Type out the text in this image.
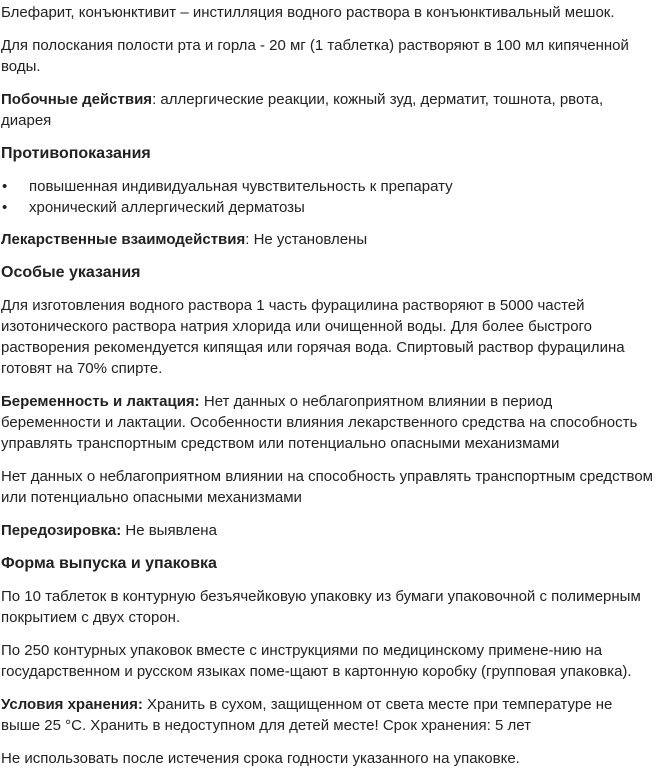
Блефарит, конъюнктивит – инстилляция водного раствора в конъюнктивальный мешок.

Для полоскания полости рта и горла - 20 мг (1 таблетка) растворяют в 100 мл кипяченной воды.

Побочные действия: аллергические реакции, кожный зуд, дерматит, тошнота, рвота, диарея

Противопоказания
• повышенная индивидуальная чувствительность к препарату
• хронический аллергический дерматозы

Лекарственные взаимодействия: Не установлены

Особые указания

Для изготовления водного раствора 1 часть фурацилина растворяют в 5000 частей изотонического раствора натрия хлорида или очищенной воды. Для более быстрого растворения рекомендуется кипящая или горячая вода. Спиртовый раствор фурацилина готовят на 70% спирте.

Беременность и лактация: Нет данных о неблагоприятном влиянии в период беременности и лактации. Особенности влияния лекарственного средства на способность управлять транспортным средством или потенциально опасными механизмами

Нет данных о неблагоприятном влиянии на способность управлять транспортным средством или потенциально опасными механизмами

Передозировка: Не выявлена

Форма выпуска и упаковка

По 10 таблеток в контурную безъячейковую упаковку из бумаги упаковочной с полимерным покрытием с двух сторон.

По 250 контурных упаковок вместе с инструкциями по медицинскому примене-нию на государственном и русском языках поме-щают в картонную коробку (групповая упаковка).

Условия хранения: Хранить в сухом, защищенном от света месте при температуре не выше 25 °С. Хранить в недоступном для детей месте! Срок хранения: 5 лет

Не использовать после истечения срока годности указанного на упаковке.
